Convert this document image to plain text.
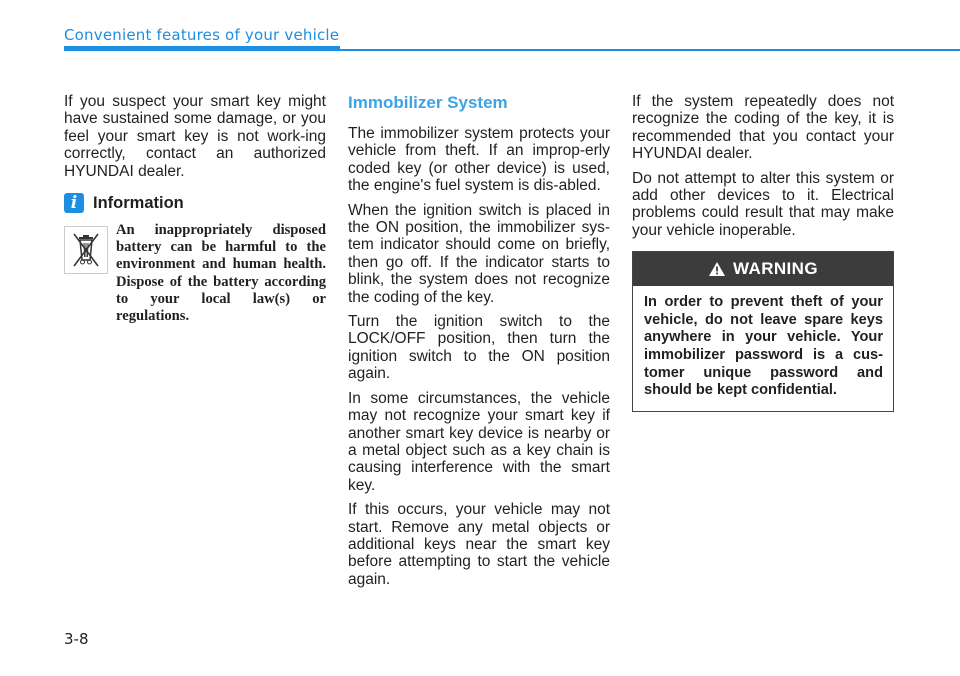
Convenient features of your vehicle

If you suspect your smart key might have sustained some damage, or you feel your smart key is not work-ing correctly, contact an authorized HYUNDAI dealer.

i Information
An inappropriately disposed battery can be harmful to the environment and human health. Dispose of the battery according to your local law(s) or regulations.
Immobilizer System

The immobilizer system protects your vehicle from theft. If an improp-erly coded key (or other device) is used, the engine's fuel system is dis-abled.

When the ignition switch is placed in the ON position, the immobilizer sys-tem indicator should come on briefly, then go off. If the indicator starts to blink, the system does not recognize the coding of the key.

Turn the ignition switch to the LOCK/OFF position, then turn the ignition switch to the ON position again.

In some circumstances, the vehicle may not recognize your smart key if another smart key device is nearby or a metal object such as a key chain is causing interference with the smart key.

If this occurs, your vehicle may not start. Remove any metal objects or additional keys near the smart key before attempting to start the vehicle again.

If the system repeatedly does not recognize the coding of the key, it is recommended that you contact your HYUNDAI dealer.

Do not attempt to alter this system or add other devices to it. Electrical problems could result that may make your vehicle inoperable.

WARNING
In order to prevent theft of your vehicle, do not leave spare keys anywhere in your vehicle. Your immobilizer password is a cus-tomer unique password and should be kept confidential.
3-8
